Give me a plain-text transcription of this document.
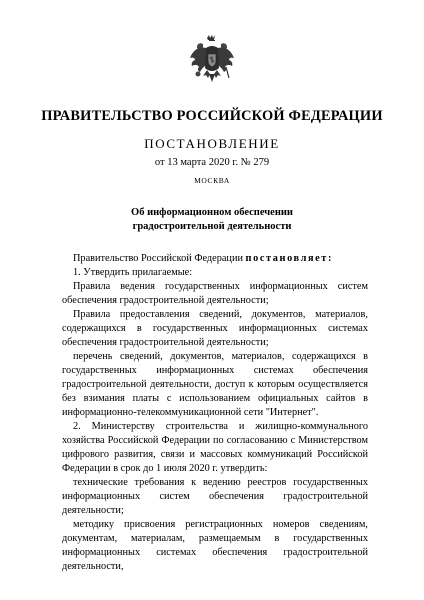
ПРАВИТЕЛЬСТВО РОССИЙСКОЙ ФЕДЕРАЦИИ
ПОСТАНОВЛЕНИЕ
от 13 марта 2020 г. № 279
МОСКВА
Об информационном обеспечении
градостроительной деятельности

Правительство Российской Федерации постановляет:

1. Утвердить прилагаемые:

Правила ведения государственных информационных систем обеспечения градостроительной деятельности;

Правила предоставления сведений, документов, материалов, содержащихся в государственных информационных системах обеспечения градостроительной деятельности;

перечень сведений, документов, материалов, содержащихся в государственных информационных системах обеспечения градостроительной деятельности, доступ к которым осуществляется без взимания платы с использованием официальных сайтов в информационно-телекоммуникационной сети "Интернет".

2. Министерству строительства и жилищно-коммунального хозяйства Российской Федерации по согласованию с Министерством цифрового развития, связи и массовых коммуникаций Российской Федерации в срок до 1 июля 2020 г. утвердить:

технические требования к ведению реестров государственных информационных систем обеспечения градостроительной деятельности;

методику присвоения регистрационных номеров сведениям, документам, материалам, размещаемым в государственных информационных системах обеспечения градостроительной деятельности,
